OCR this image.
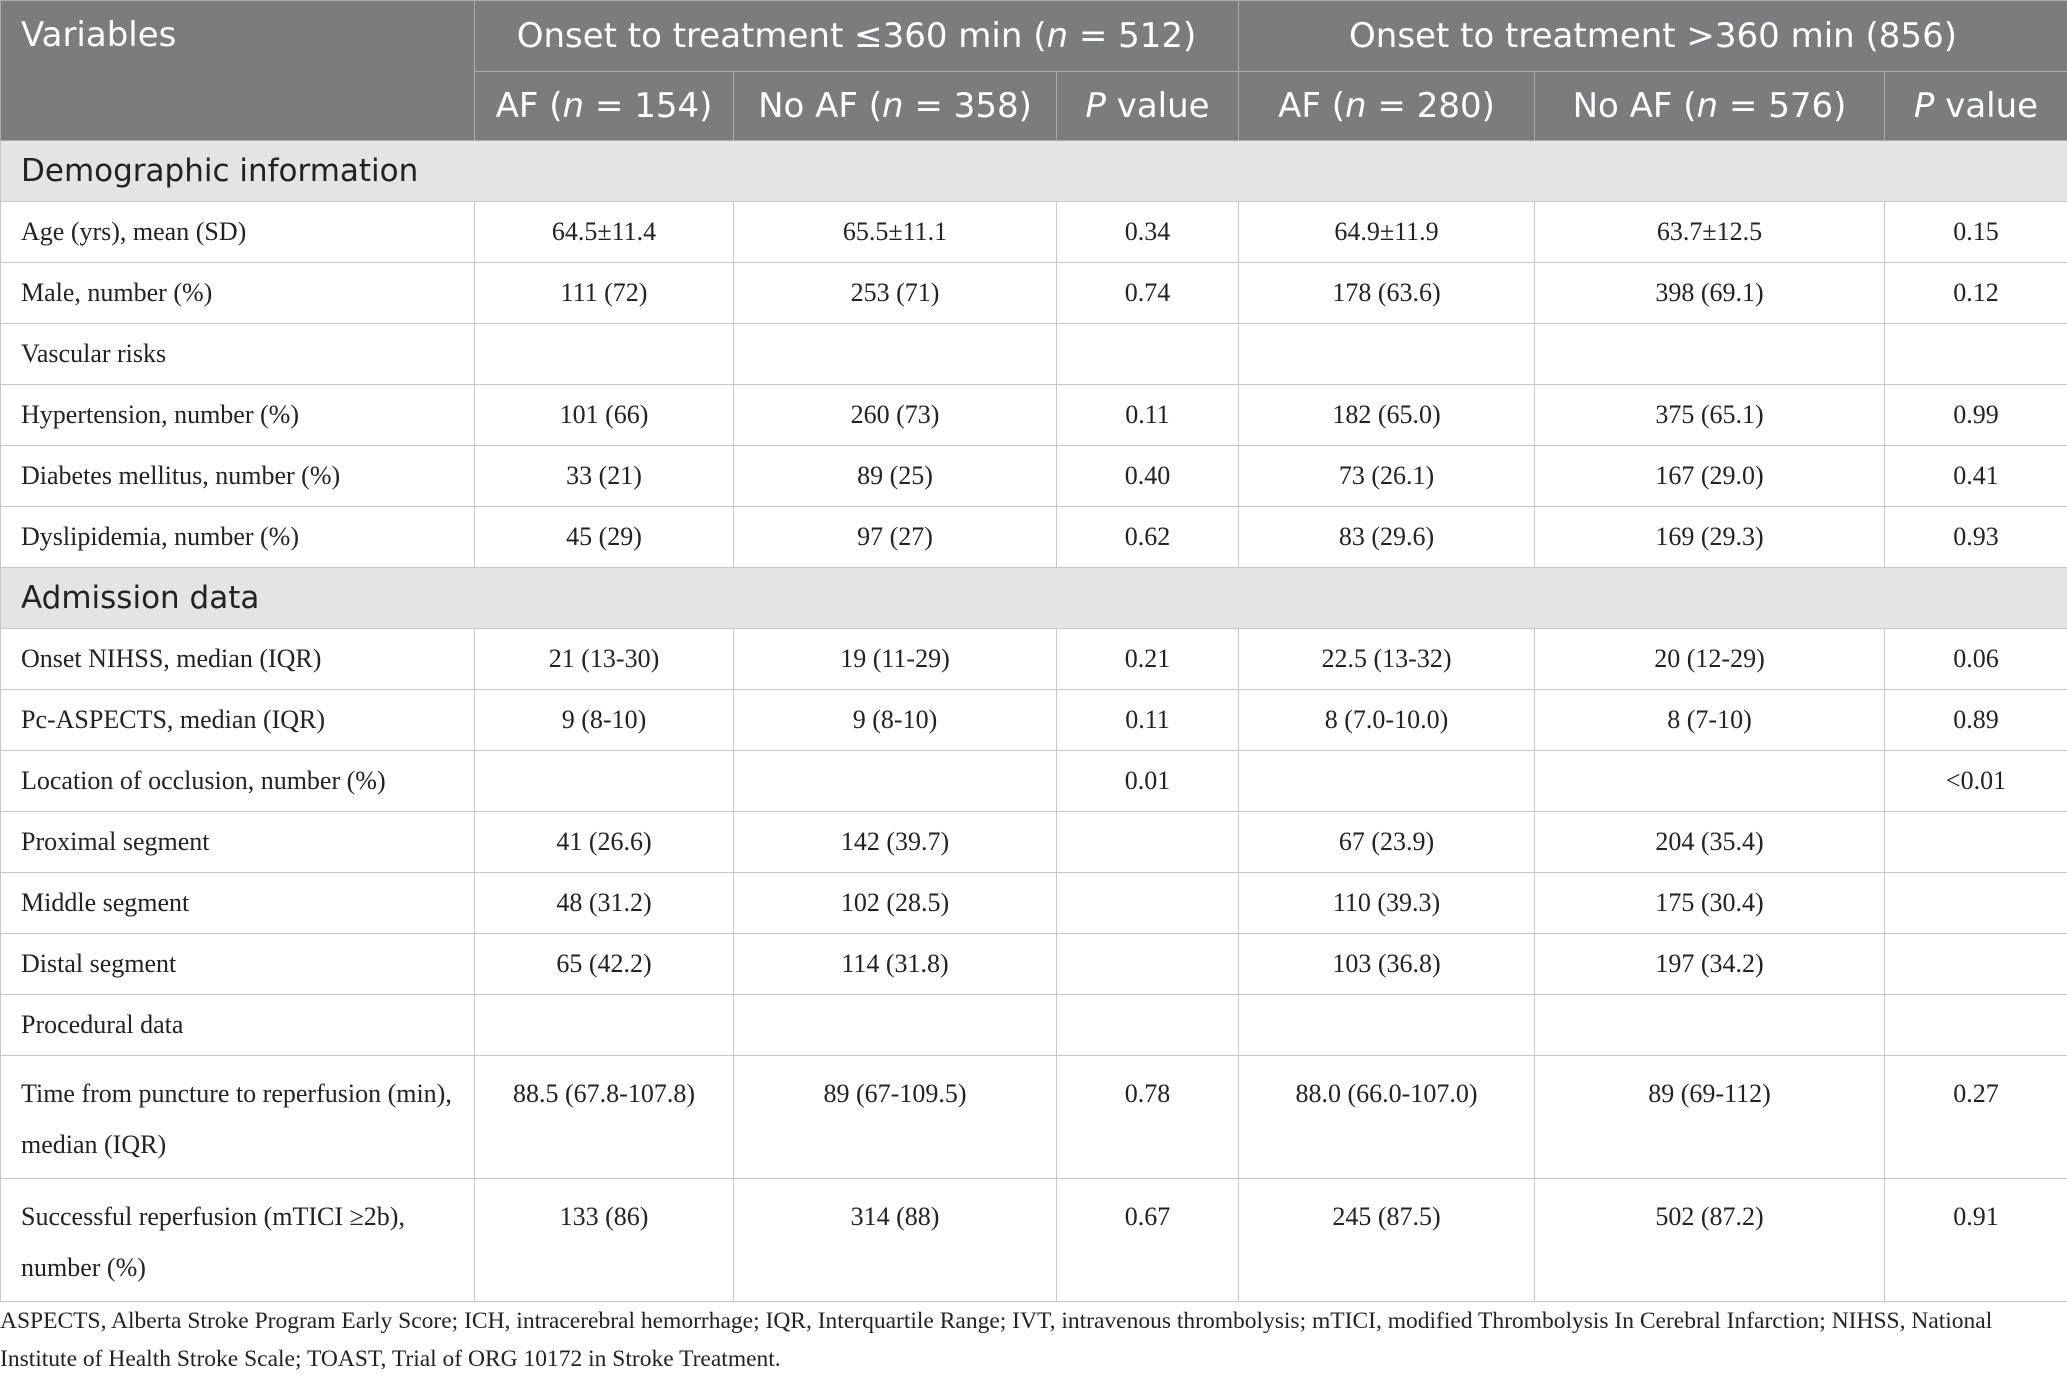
Variables	Onset to treatment ≤360 min (n = 512)			Onset to treatment >360 min (856)		
	AF (n = 154)	No AF (n = 358)	P value	AF (n = 280)	No AF (n = 576)	P value
Demographic information						
Age (yrs), mean (SD)	64.5±11.4	65.5±11.1	0.34	64.9±11.9	63.7±12.5	0.15
Male, number (%)	111 (72)	253 (71)	0.74	178 (63.6)	398 (69.1)	0.12
Vascular risks						
Hypertension, number (%)	101 (66)	260 (73)	0.11	182 (65.0)	375 (65.1)	0.99
Diabetes mellitus, number (%)	33 (21)	89 (25)	0.40	73 (26.1)	167 (29.0)	0.41
Dyslipidemia, number (%)	45 (29)	97 (27)	0.62	83 (29.6)	169 (29.3)	0.93
Admission data						
Onset NIHSS, median (IQR)	21 (13-30)	19 (11-29)	0.21	22.5 (13-32)	20 (12-29)	0.06
Pc-ASPECTS, median (IQR)	9 (8-10)	9 (8-10)	0.11	8 (7.0-10.0)	8 (7-10)	0.89
Location of occlusion, number (%)			0.01			<0.01
Proximal segment	41 (26.6)	142 (39.7)		67 (23.9)	204 (35.4)	
Middle segment	48 (31.2)	102 (28.5)		110 (39.3)	175 (30.4)	
Distal segment	65 (42.2)	114 (31.8)		103 (36.8)	197 (34.2)	
Procedural data						
Time from puncture to reperfusion (min), median (IQR)	88.5 (67.8-107.8)	89 (67-109.5)	0.78	88.0 (66.0-107.0)	89 (69-112)	0.27
Successful reperfusion (mTICI ≥2b), number (%)	133 (86)	314 (88)	0.67	245 (87.5)	502 (87.2)	0.91
ASPECTS, Alberta Stroke Program Early Score; ICH, intracerebral hemorrhage; IQR, Interquartile Range; IVT, intravenous thrombolysis; mTICI, modified Thrombolysis In Cerebral Infarction; NIHSS, National Institute of Health Stroke Scale; TOAST, Trial of ORG 10172 in Stroke Treatment.
